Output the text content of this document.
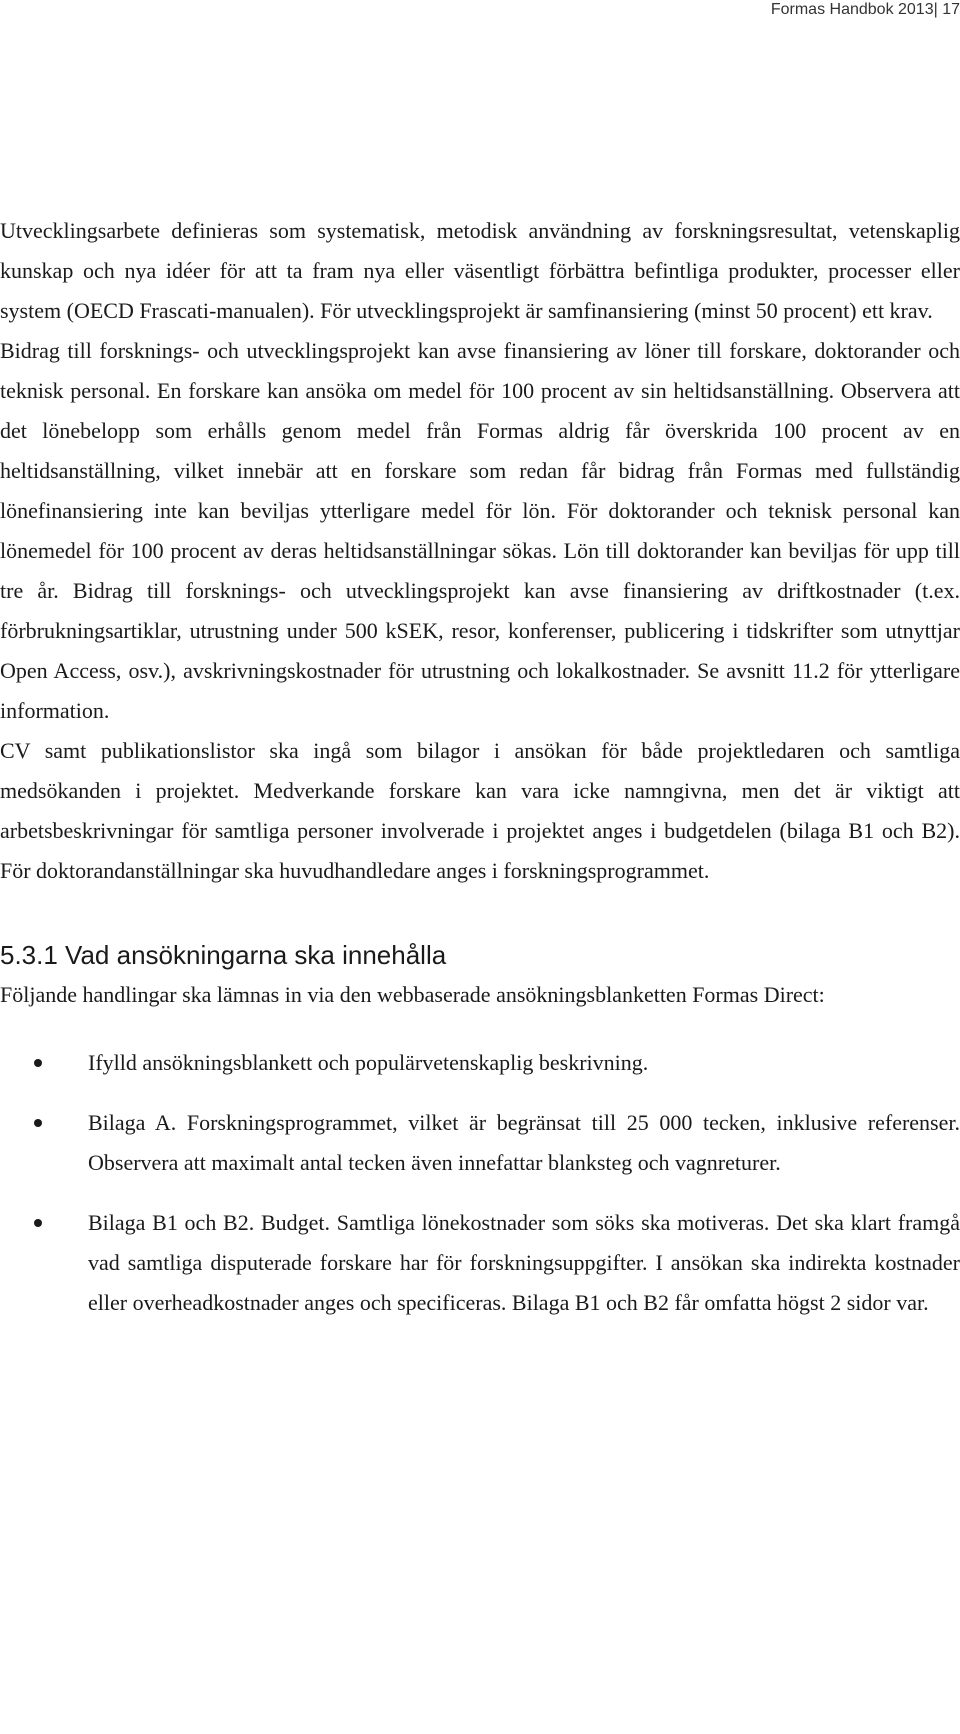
Formas Handbok 2013| 17

Utvecklingsarbete definieras som systematisk, metodisk användning av forskningsresultat, vetenskaplig kunskap och nya idéer för att ta fram nya eller väsentligt förbättra befintliga produkter, processer eller system (OECD Frascati-manualen). För utvecklingsprojekt är samfinansiering (minst 50 procent) ett krav.

Bidrag till forsknings- och utvecklingsprojekt kan avse finansiering av löner till forskare, doktorander och teknisk personal. En forskare kan ansöka om medel för 100 procent av sin heltidsanställning. Observera att det lönebelopp som erhålls genom medel från Formas aldrig får överskrida 100 procent av en heltidsanställning, vilket innebär att en forskare som redan får bidrag från Formas med fullständig lönefinansiering inte kan beviljas ytterligare medel för lön. För doktorander och teknisk personal kan lönemedel för 100 procent av deras heltidsanställningar sökas. Lön till doktorander kan beviljas för upp till tre år. Bidrag till forsknings- och utvecklingsprojekt kan avse finansiering av driftkostnader (t.ex. förbrukningsartiklar, utrustning under 500 kSEK, resor, konferenser, publicering i tidskrifter som utnyttjar Open Access, osv.), avskrivningskostnader för utrustning och lokalkostnader. Se avsnitt 11.2 för ytterligare information.

CV samt publikationslistor ska ingå som bilagor i ansökan för både projektledaren och samtliga medsökanden i projektet. Medverkande forskare kan vara icke namngivna, men det är viktigt att arbetsbeskrivningar för samtliga personer involverade i projektet anges i budgetdelen (bilaga B1 och B2). För doktorandanställningar ska huvudhandledare anges i forskningsprogrammet.

5.3.1 Vad ansökningarna ska innehålla

Följande handlingar ska lämnas in via den webbaserade ansökningsblanketten Formas Direct:

Ifylld ansökningsblankett och populärvetenskaplig beskrivning.
Bilaga A. Forskningsprogrammet, vilket är begränsat till 25 000 tecken, inklusive referenser. Observera att maximalt antal tecken även innefattar blanksteg och vagnreturer.
Bilaga B1 och B2. Budget. Samtliga lönekostnader som söks ska motiveras. Det ska klart framgå vad samtliga disputerade forskare har för forskningsuppgifter. I ansökan ska indirekta kostnader eller overheadkostnader anges och specificeras. Bilaga B1 och B2 får omfatta högst 2 sidor var.
